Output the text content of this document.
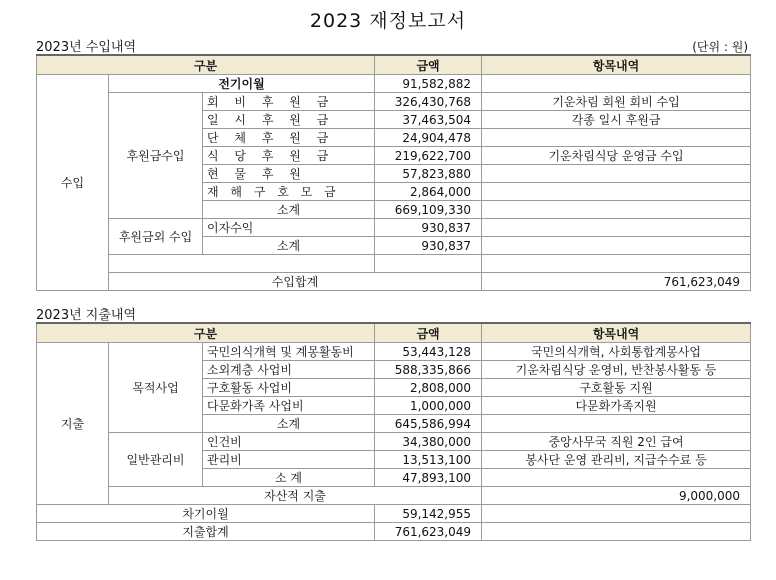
2023 재정보고서
2023년 수입내역	(단위 : 원)
구분			금액	항목내역	
수입	전기이월		91,582,882		
	후원금수입	회 비 후 원 금	326,430,768	기운차림 회원 회비 수입	
		일 시 후 원 금	37,463,504	각종 일시 후원금	
		단 체 후 원 금	24,904,478		
		식 당 후 원 금	219,622,700	기운차림식당 운영금 수입	
		현 물 후 원	57,823,880		
		재 해 구 호 모 금	2,864,000		
		소계	669,109,330		
	후원금외 수입	이자수익	930,837		
		소계	930,837		

	수입합계			761,623,049	
2023년 지출내역
구분			금액	항목내역	
지출	목적사업	국민의식개혁 및 계몽활동비	53,443,128	국민의식개혁, 사회통합계몽사업	
		소외계층 사업비	588,335,866	기운차림식당 운영비, 반찬봉사활동 등	
		구호활동 사업비	2,808,000	구호활동 지원	
		다문화가족 사업비	1,000,000	다문화가족지원	
		소계	645,586,994		
	일반관리비	인건비	34,380,000	중앙사무국 직원 2인 급여	
		관리비	13,513,100	봉사단 운영 관리비, 지급수수료 등	
		소 계	47,893,100		
	자산적 지출			9,000,000	
차기이월			59,142,955		
지출합계			761,623,049		
